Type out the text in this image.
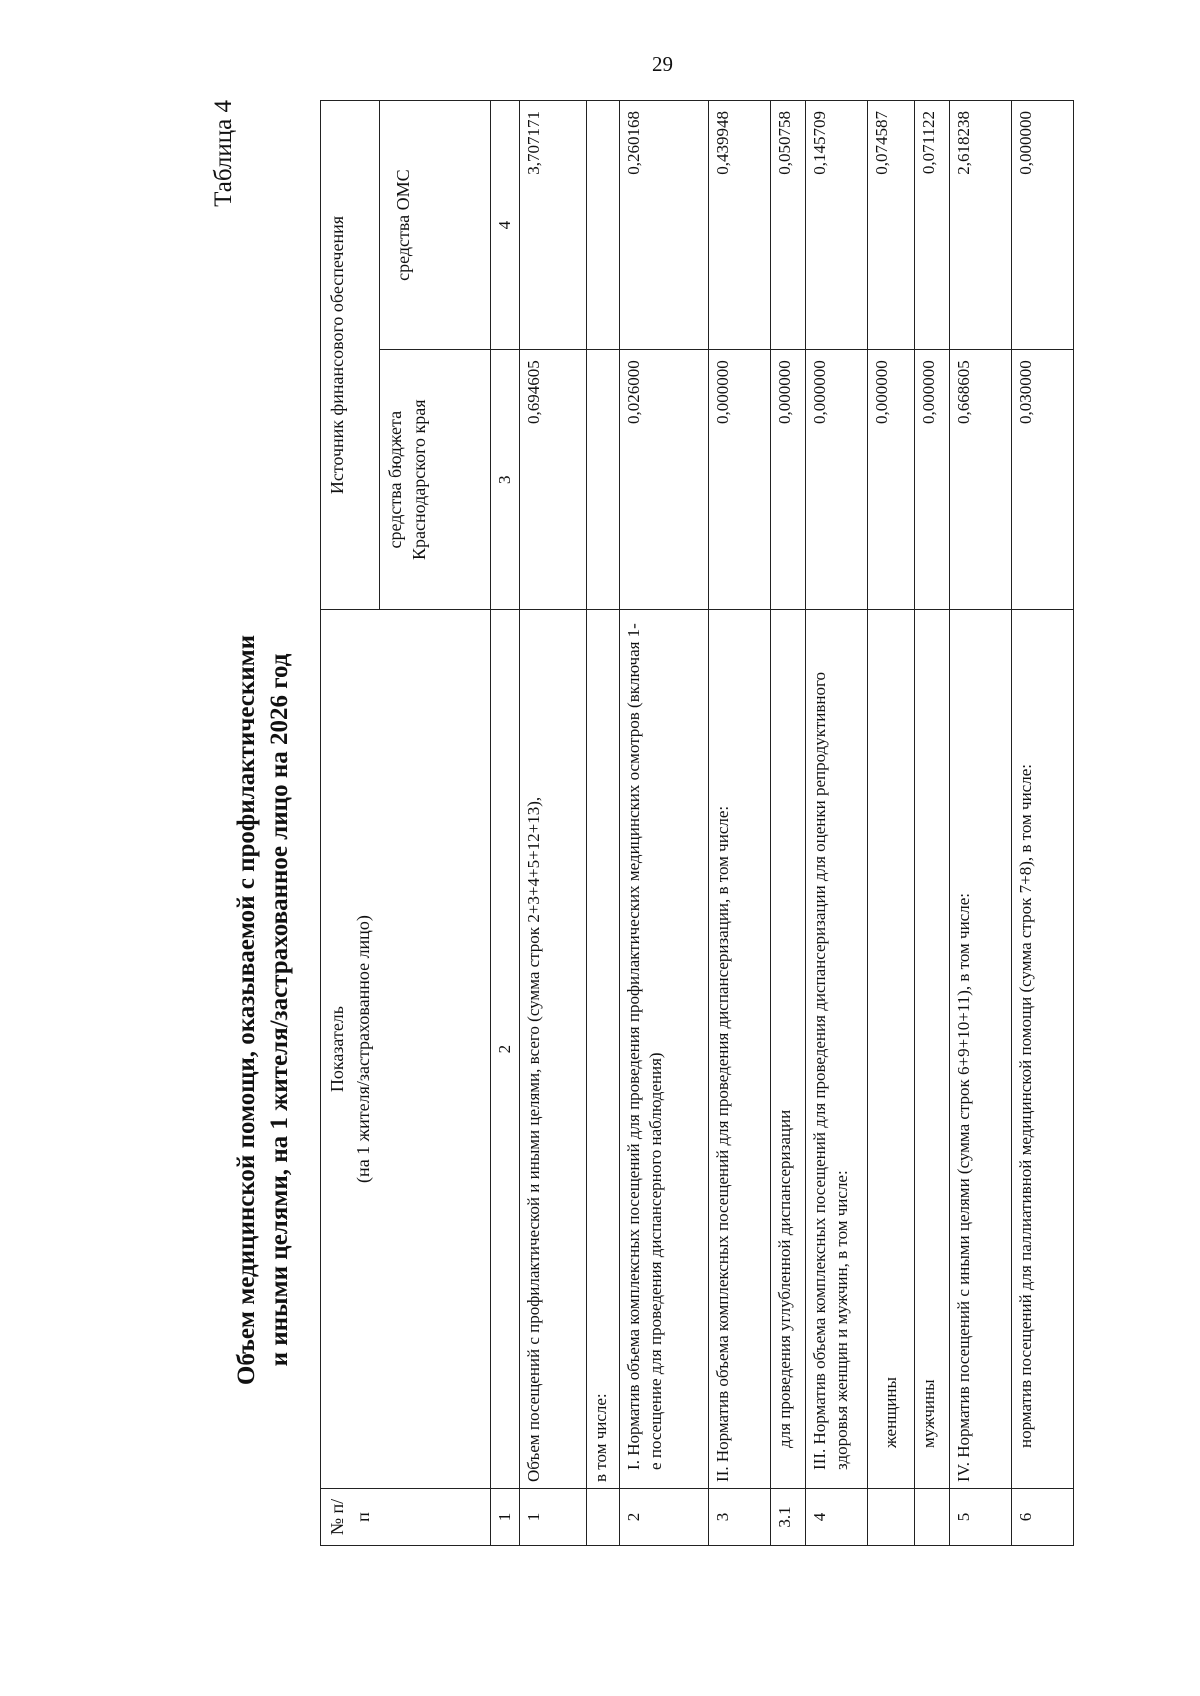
29
Таблица 4
Объем медицинской помощи, оказываемой с профилактическими и иными целями, на 1 жителя/застрахованное лицо на 2026 год
№ п/п	Показатель (на 1 жителя/застрахованное лицо)	Источник финансового обеспечения	
		средства бюджета Краснодарского края	средства ОМС
1	2	3	4
1	Объем посещений с профилактической и иными целями, всего (сумма строк 2+3+4+5+12+13),	0,694605	3,707171
	в том числе:		
2	I. Норматив объема комплексных посещений для проведения профилактических медицинских осмотров (включая 1-е посещение для проведения диспансерного наблюдения)	0,026000	0,260168
3	II. Норматив объема комплексных посещений для проведения диспансеризации, в том числе:	0,000000	0,439948
3.1	для проведения углубленной диспансеризации	0,000000	0,050758
4	III. Норматив объема комплексных посещений для проведения диспансеризации для оценки репродуктивного здоровья женщин и мужчин, в том числе:	0,000000	0,145709
	женщины	0,000000	0,074587
	мужчины	0,000000	0,071122
5	IV. Норматив посещений с иными целями (сумма строк 6+9+10+11), в том числе:	0,668605	2,618238
6	норматив посещений для паллиативной медицинской помощи (сумма строк 7+8), в том числе:	0,030000	0,000000
